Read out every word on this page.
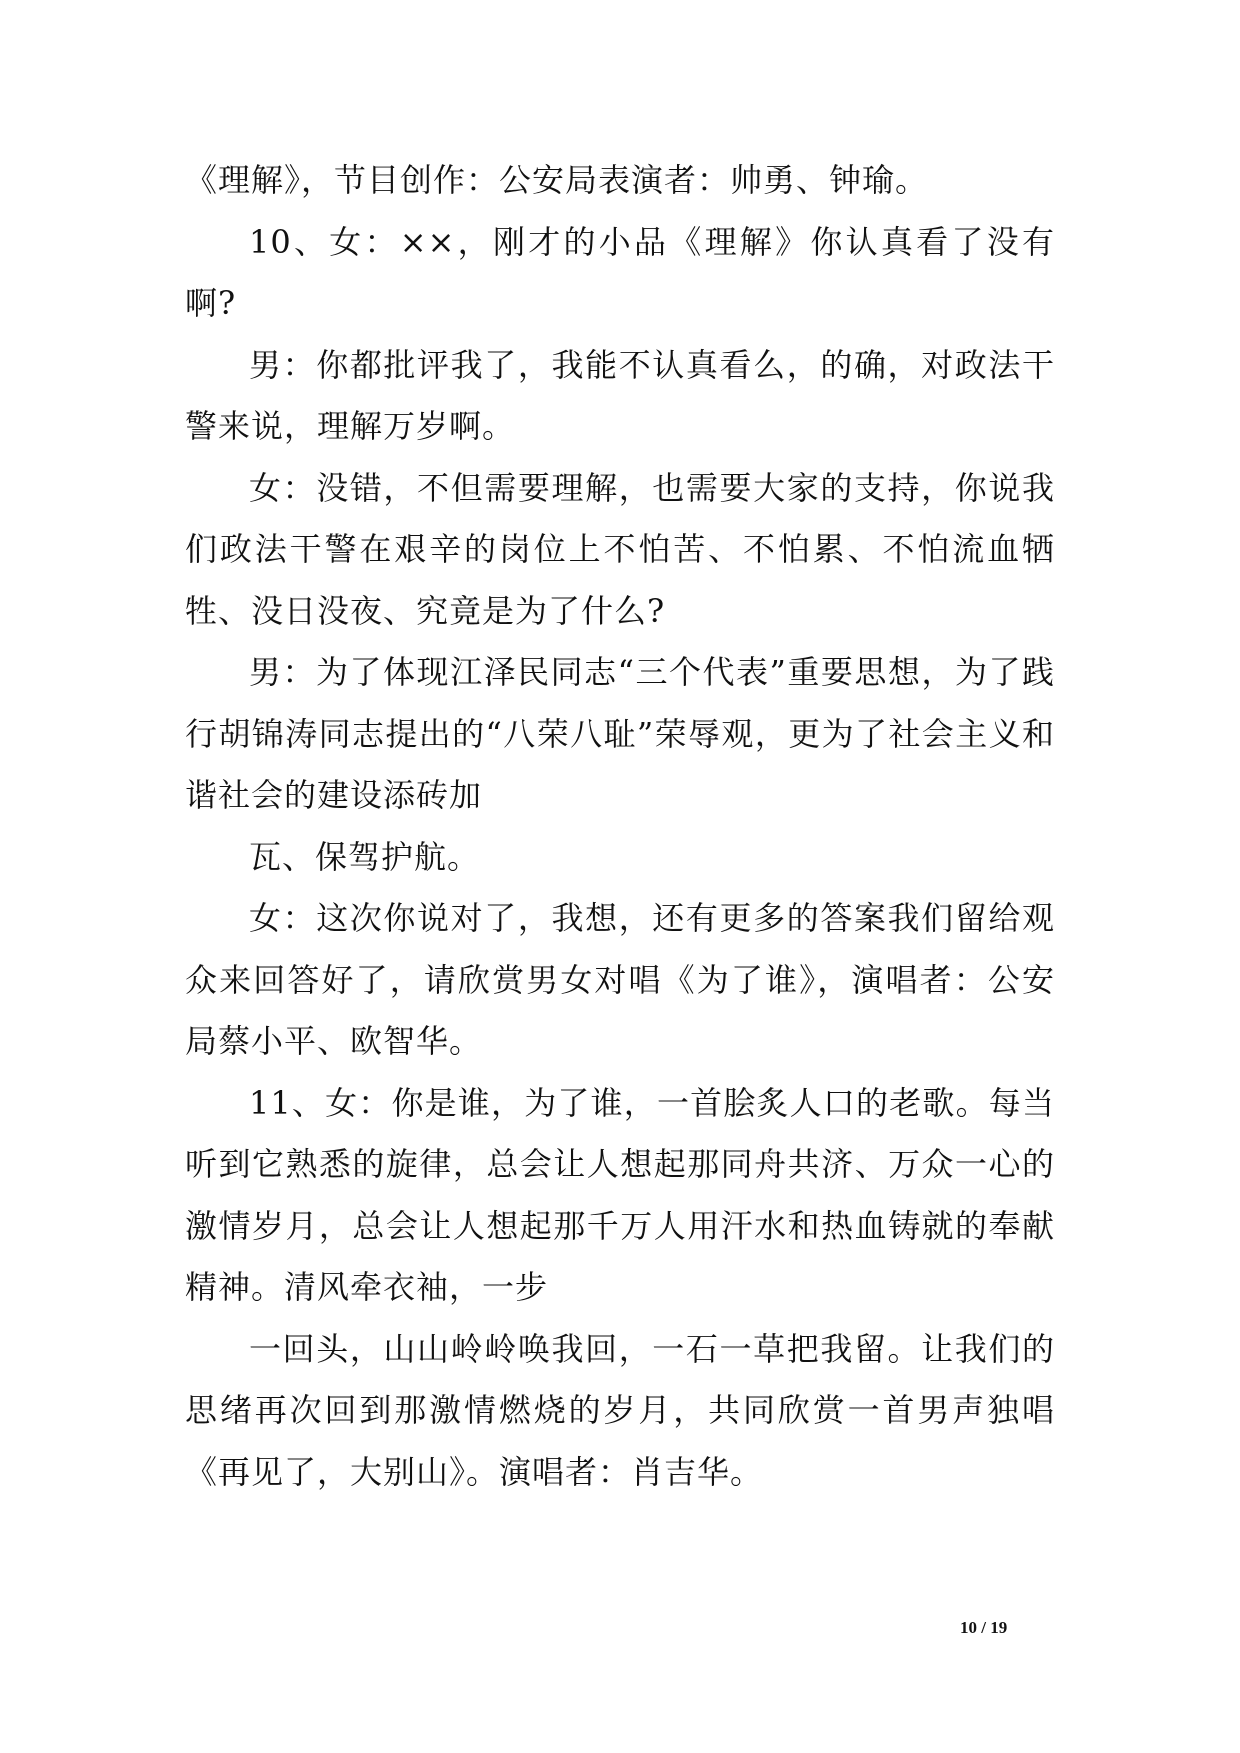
《理解》，节目创作：公安局表演者：帅勇、钟瑜。

10、女：××，刚才的小品《理解》你认真看了没有啊?

男：你都批评我了，我能不认真看么，的确，对政法干警来说，理解万岁啊。

女：没错，不但需要理解，也需要大家的支持，你说我们政法干警在艰辛的岗位上不怕苦、不怕累、不怕流血牺牲、没日没夜、究竟是为了什么?

男：为了体现江泽民同志“三个代表”重要思想，为了践行胡锦涛同志提出的“八荣八耻”荣辱观，更为了社会主义和谐社会的建设添砖加

瓦、保驾护航。

女：这次你说对了，我想，还有更多的答案我们留给观众来回答好了，请欣赏男女对唱《为了谁》，演唱者：公安局蔡小平、欧智华。

11、女：你是谁，为了谁，一首脍炙人口的老歌。每当听到它熟悉的旋律，总会让人想起那同舟共济、万众一心的激情岁月，总会让人想起那千万人用汗水和热血铸就的奉献精神。清风牵衣袖，一步

一回头，山山岭岭唤我回，一石一草把我留。让我们的思绪再次回到那激情燃烧的岁月，共同欣赏一首男声独唱《再见了，大别山》。演唱者：肖吉华。

10 / 19
